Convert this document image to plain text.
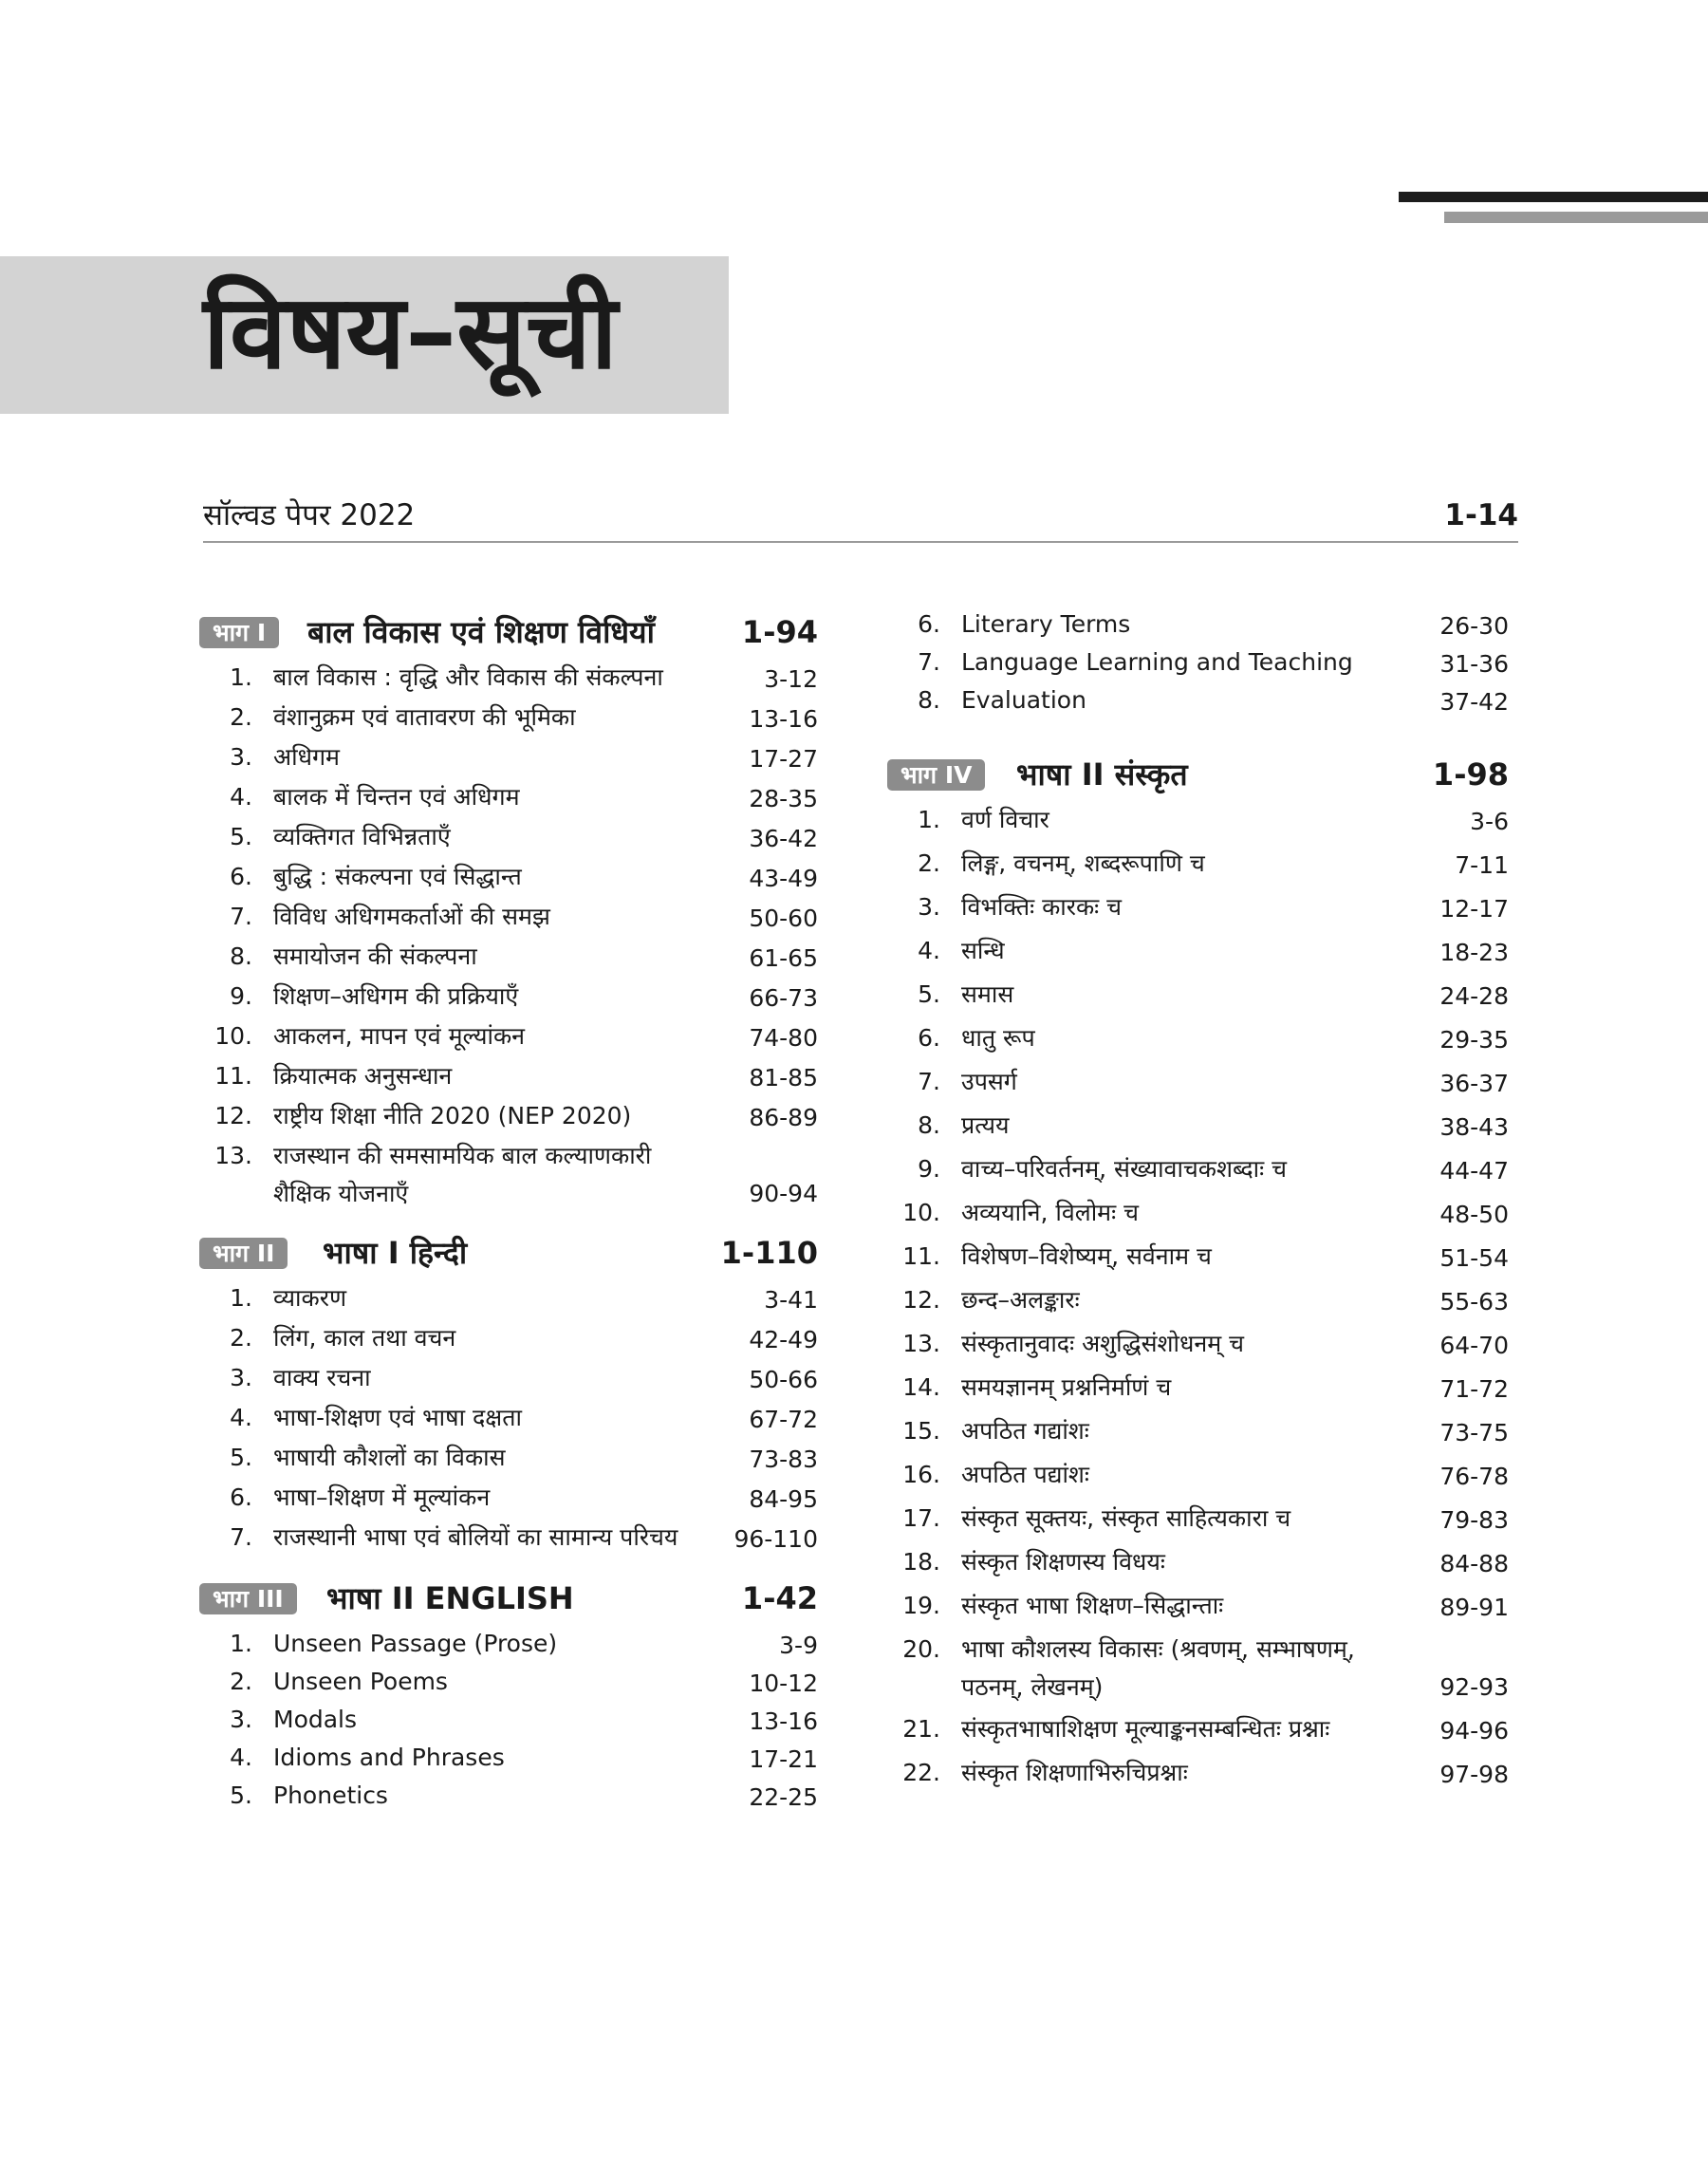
विषय–सूची
सॉल्वड पेपर 2022	1-14
भाग I	बाल विकास एवं शिक्षण विधियाँ	1-94
1. बाल विकास : वृद्धि और विकास की संकल्पना	3-12
2. वंशानुक्रम एवं वातावरण की भूमिका	13-16
3. अधिगम	17-27
4. बालक में चिन्तन एवं अधिगम	28-35
5. व्यक्तिगत विभिन्नताएँ	36-42
6. बुद्धि : संकल्पना एवं सिद्धान्त	43-49
7. विविध अधिगमकर्ताओं की समझ	50-60
8. समायोजन की संकल्पना	61-65
9. शिक्षण–अधिगम की प्रक्रियाएँ	66-73
10. आकलन, मापन एवं मूल्यांकन	74-80
11. क्रियात्मक अनुसन्धान	81-85
12. राष्ट्रीय शिक्षा नीति 2020 (NEP 2020)	86-89
13. राजस्थान की समसामयिक बाल कल्याणकारी शैक्षिक योजनाएँ	90-94
भाग II	भाषा I हिन्दी	1-110
1. व्याकरण	3-41
2. लिंग, काल तथा वचन	42-49
3. वाक्य रचना	50-66
4. भाषा-शिक्षण एवं भाषा दक्षता	67-72
5. भाषायी कौशलों का विकास	73-83
6. भाषा–शिक्षण में मूल्यांकन	84-95
7. राजस्थानी भाषा एवं बोलियों का सामान्य परिचय	96-110
भाग III	भाषा II ENGLISH	1-42
1. Unseen Passage (Prose)	3-9
2. Unseen Poems	10-12
3. Modals	13-16
4. Idioms and Phrases	17-21
5. Phonetics	22-25
6. Literary Terms	26-30
7. Language Learning and Teaching	31-36
8. Evaluation	37-42
भाग IV	भाषा II संस्कृत	1-98
1. वर्ण विचार	3-6
2. लिङ्ग, वचनम्, शब्दरूपाणि च	7-11
3. विभक्तिः कारकः च	12-17
4. सन्धि	18-23
5. समास	24-28
6. धातु रूप	29-35
7. उपसर्ग	36-37
8. प्रत्यय	38-43
9. वाच्य–परिवर्तनम्, संख्यावाचकशब्दाः च	44-47
10. अव्ययानि, विलोमः च	48-50
11. विशेषण–विशेष्यम्, सर्वनाम च	51-54
12. छन्द–अलङ्कारः	55-63
13. संस्कृतानुवादः अशुद्धिसंशोधनम् च	64-70
14. समयज्ञानम् प्रश्ननिर्माणं च	71-72
15. अपठित गद्यांशः	73-75
16. अपठित पद्यांशः	76-78
17. संस्कृत सूक्तयः, संस्कृत साहित्यकारा च	79-83
18. संस्कृत शिक्षणस्य विधयः	84-88
19. संस्कृत भाषा शिक्षण–सिद्धान्ताः	89-91
20. भाषा कौशलस्य विकासः (श्रवणम्, सम्भाषणम्, पठनम्, लेखनम्)	92-93
21. संस्कृतभाषाशिक्षण मूल्याङ्कनसम्बन्धितः प्रश्नाः	94-96
22. संस्कृत शिक्षणाभिरुचिप्रश्नाः	97-98
